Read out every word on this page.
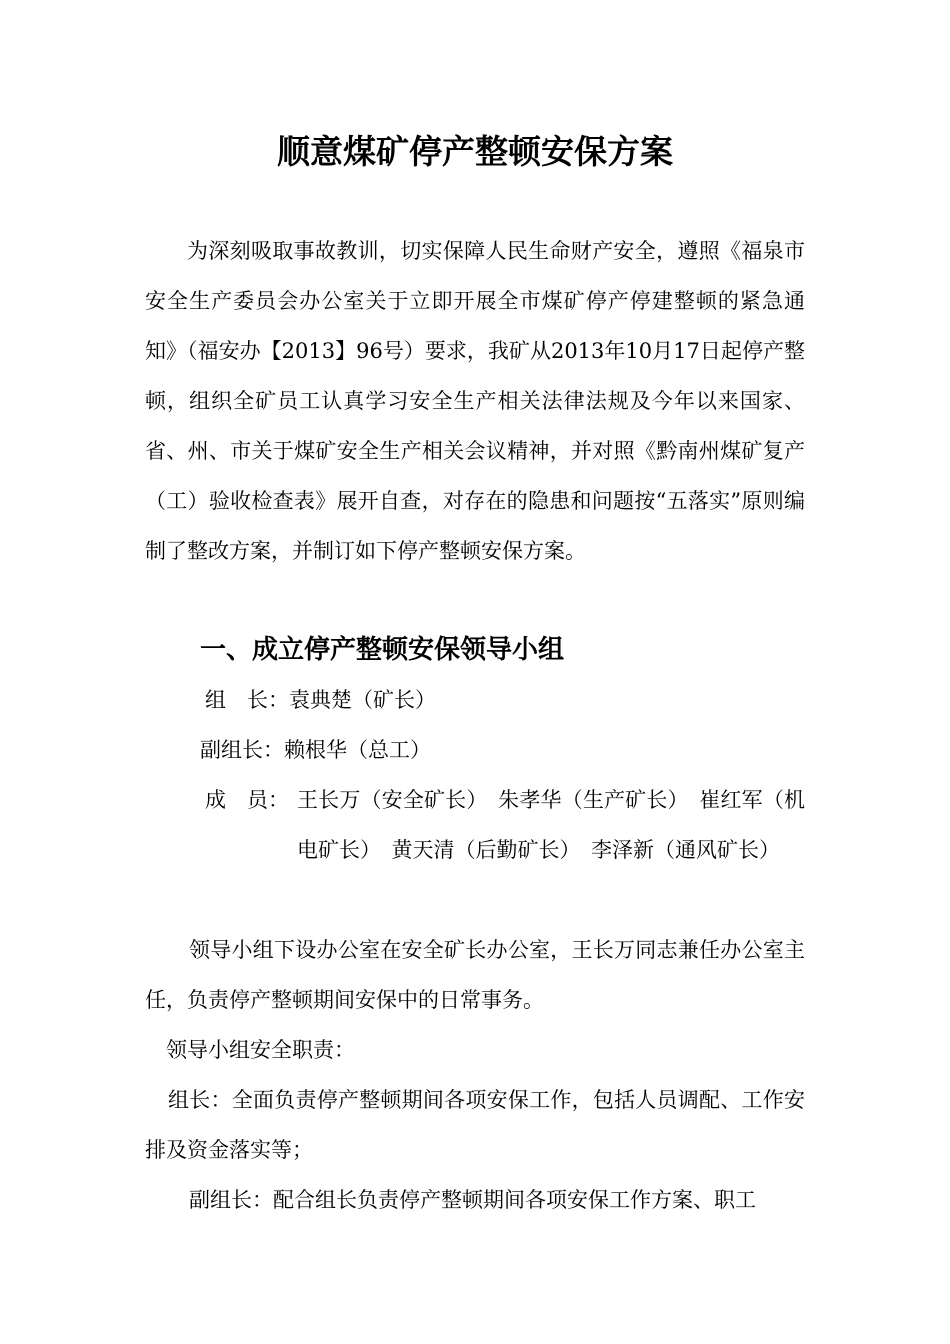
顺意煤矿停产整顿安保方案

为深刻吸取事故教训，切实保障人民生命财产安全，遵照《福泉市安全生产委员会办公室关于立即开展全市煤矿停产停建整顿的紧急通知》（福安办【2013】96号）要求，我矿从2013年10月17日起停产整顿，组织全矿员工认真学习安全生产相关法律法规及今年以来国家、省、州、市关于煤矿安全生产相关会议精神，并对照《黔南州煤矿复产（工）验收检查表》展开自查，对存在的隐患和问题按“五落实”原则编制了整改方案，并制订如下停产整顿安保方案。

一、成立停产整顿安保领导小组

组　长：袁典楚（矿长）

副组长：赖根华（总工）

成　员： 王长万（安全矿长）　朱孝华（生产矿长）　崔红军（机电矿长）　黄天清（后勤矿长）　李泽新（通风矿长）

领导小组下设办公室在安全矿长办公室，王长万同志兼任办公室主任，负责停产整顿期间安保中的日常事务。

领导小组安全职责：

组长：全面负责停产整顿期间各项安保工作，包括人员调配、工作安排及资金落实等；

副组长：配合组长负责停产整顿期间各项安保工作方案、职工
